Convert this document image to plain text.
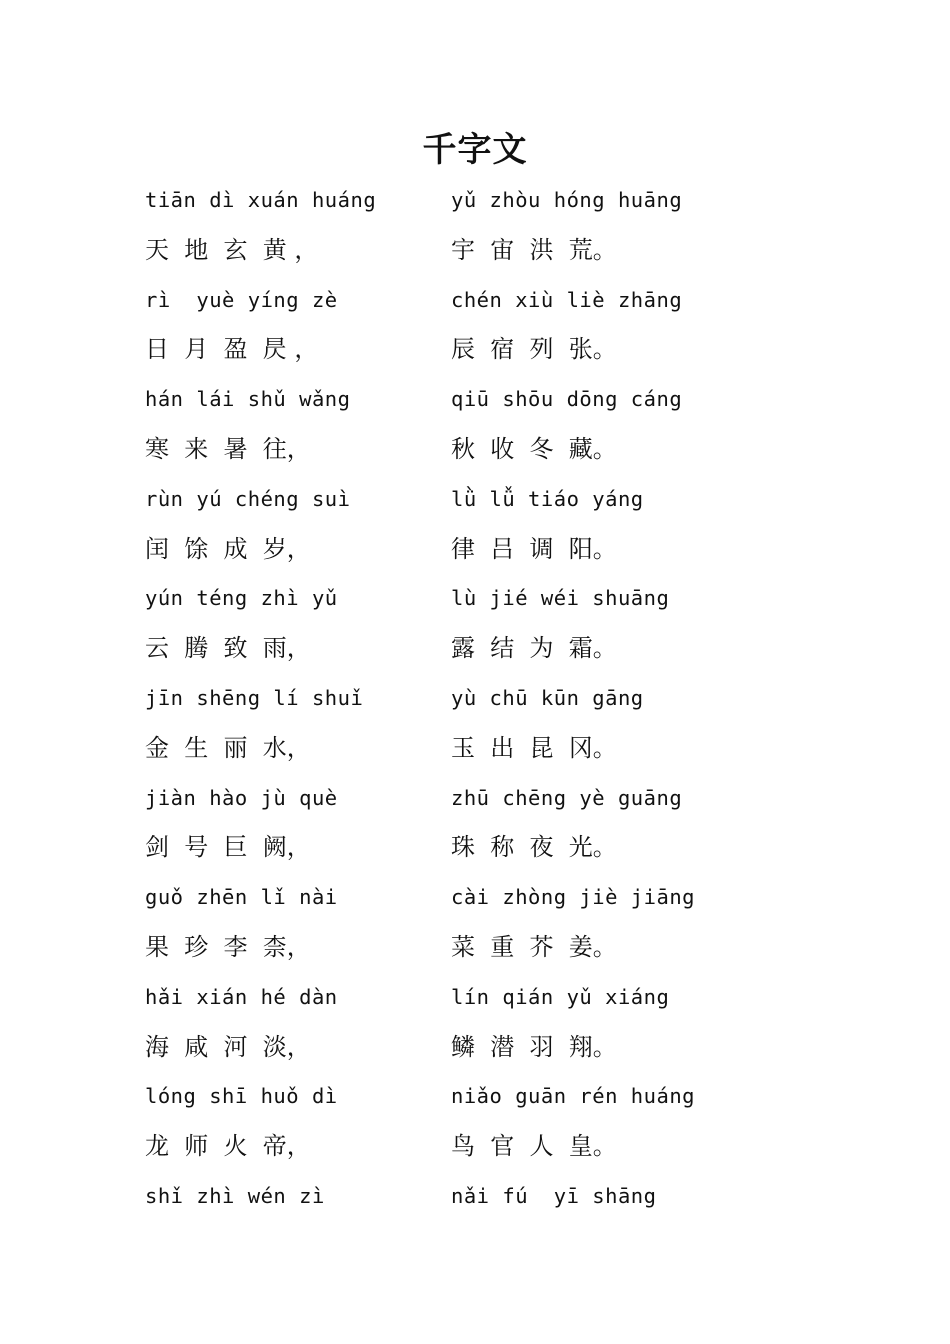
千字文
tiān dì xuán huáng	yǔ zhòu hóng huāng
天  地  玄  黄 ，	宇  宙  洪  荒。
rì  yuè yíng zè	chén xiù liè zhāng
日  月  盈  昃 ，	辰  宿  列  张。
hán lái shǔ wǎng	qiū shōu dōng cáng
寒  来  暑  往，	秋  收  冬  藏。
rùn yú chéng suì	lǜ lǚ tiáo yáng
闰  馀  成  岁，	律  吕  调  阳。
yún téng zhì yǔ	lù jié wéi shuāng
云  腾  致  雨，	露  结  为  霜。
jīn shēng lí shuǐ	yù chū kūn gāng
金  生  丽  水，	玉  出  昆  冈。
jiàn hào jù què	zhū chēng yè guāng
剑  号  巨  阙，	珠  称  夜  光。
guǒ zhēn lǐ nài	cài zhòng jiè jiāng
果  珍  李  柰，	菜  重  芥  姜。
hǎi xián hé dàn	lín qián yǔ xiáng
海  咸  河  淡，	鳞  潜  羽  翔。
lóng shī huǒ dì	niǎo guān rén huáng
龙  师  火  帝，	鸟  官  人  皇。
shǐ zhì wén zì	nǎi fú  yī shāng
